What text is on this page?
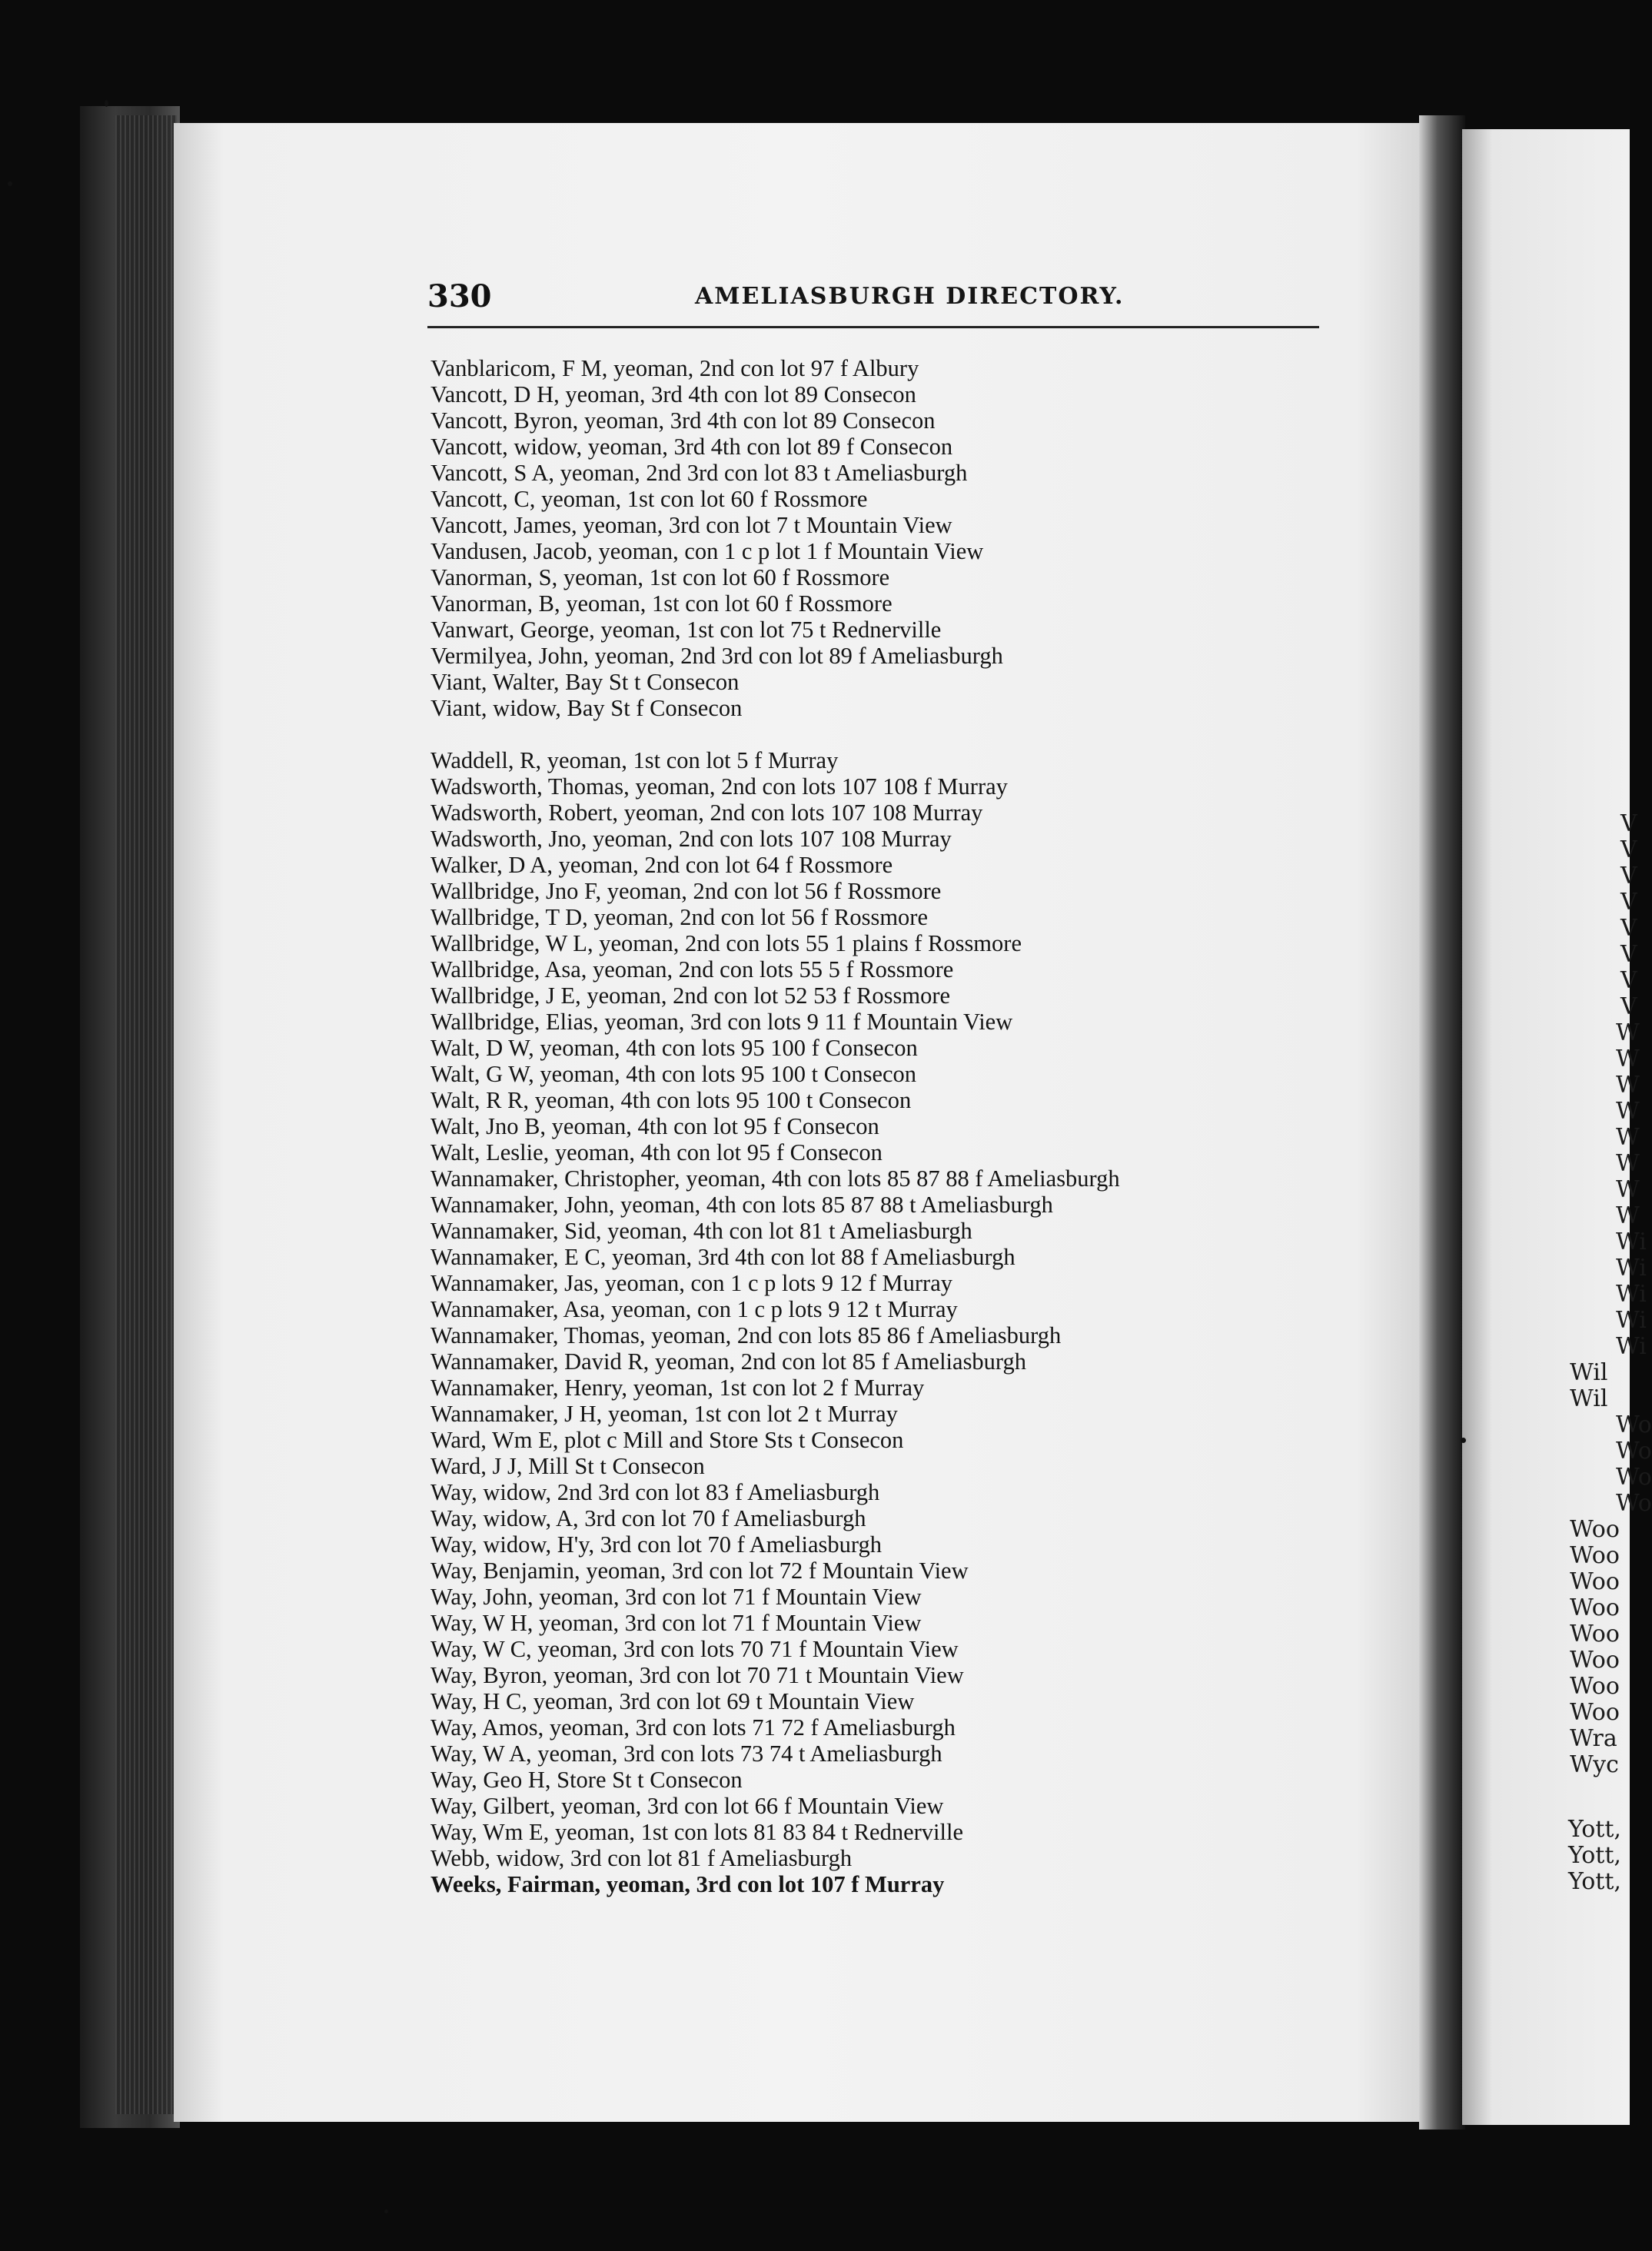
V
V
V
V
V
V
V
V
W
W
W
W
W
W
W
W
Wi
Wi
Wi
Wi
Wi
Wil
Wil
Wo
Wo
Wo
Wo
Woo
Woo
Woo
Woo
Woo
Woo
Woo
Woo
Wra
Wyc
Yott,
Yott,
Yott,
330	AMELIASBURGH DIRECTORY.
Vanblaricom, F M, yeoman, 2nd con lot 97 f Albury
Vancott, D H, yeoman, 3rd 4th con lot 89 Consecon
Vancott, Byron, yeoman, 3rd 4th con lot 89 Consecon
Vancott, widow, yeoman, 3rd 4th con lot 89 f Consecon
Vancott, S A, yeoman, 2nd 3rd con lot 83 t Ameliasburgh
Vancott, C, yeoman, 1st con lot 60 f Rossmore
Vancott, James, yeoman, 3rd con lot 7 t Mountain View
Vandusen, Jacob, yeoman, con 1 c p lot 1 f Mountain View
Vanorman, S, yeoman, 1st con lot 60 f Rossmore
Vanorman, B, yeoman, 1st con lot 60 f Rossmore
Vanwart, George, yeoman, 1st con lot 75 t Rednerville
Vermilyea, John, yeoman, 2nd 3rd con lot 89 f Ameliasburgh
Viant, Walter, Bay St t Consecon
Viant, widow, Bay St f Consecon
Waddell, R, yeoman, 1st con lot 5 f Murray
Wadsworth, Thomas, yeoman, 2nd con lots 107 108 f Murray
Wadsworth, Robert, yeoman, 2nd con lots 107 108 Murray
Wadsworth, Jno, yeoman, 2nd con lots 107 108 Murray
Walker, D A, yeoman, 2nd con lot 64 f Rossmore
Wallbridge, Jno F, yeoman, 2nd con lot 56 f Rossmore
Wallbridge, T D, yeoman, 2nd con lot 56 f Rossmore
Wallbridge, W L, yeoman, 2nd con lots 55 1 plains f Rossmore
Wallbridge, Asa, yeoman, 2nd con lots 55 5 f Rossmore
Wallbridge, J E, yeoman, 2nd con lot 52 53 f Rossmore
Wallbridge, Elias, yeoman, 3rd con lots 9 11 f Mountain View
Walt, D W, yeoman, 4th con lots 95 100 f Consecon
Walt, G W, yeoman, 4th con lots 95 100 t Consecon
Walt, R R, yeoman, 4th con lots 95 100 t Consecon
Walt, Jno B, yeoman, 4th con lot 95 f Consecon
Walt, Leslie, yeoman, 4th con lot 95 f Consecon
Wannamaker, Christopher, yeoman, 4th con lots 85 87 88 f Ameliasburgh
Wannamaker, John, yeoman, 4th con lots 85 87 88 t Ameliasburgh
Wannamaker, Sid, yeoman, 4th con lot 81 t Ameliasburgh
Wannamaker, E C, yeoman, 3rd 4th con lot 88 f Ameliasburgh
Wannamaker, Jas, yeoman, con 1 c p lots 9 12 f Murray
Wannamaker, Asa, yeoman, con 1 c p lots 9 12 t Murray
Wannamaker, Thomas, yeoman, 2nd con lots 85 86 f Ameliasburgh
Wannamaker, David R, yeoman, 2nd con lot 85 f Ameliasburgh
Wannamaker, Henry, yeoman, 1st con lot 2 f Murray
Wannamaker, J H, yeoman, 1st con lot 2 t Murray
Ward, Wm E, plot c Mill and Store Sts t Consecon
Ward, J J, Mill St t Consecon
Way, widow, 2nd 3rd con lot 83 f Ameliasburgh
Way, widow, A, 3rd con lot 70 f Ameliasburgh
Way, widow, H'y, 3rd con lot 70 f Ameliasburgh
Way, Benjamin, yeoman, 3rd con lot 72 f Mountain View
Way, John, yeoman, 3rd con lot 71 f Mountain View
Way, W H, yeoman, 3rd con lot 71 f Mountain View
Way, W C, yeoman, 3rd con lots 70 71 f Mountain View
Way, Byron, yeoman, 3rd con lot 70 71 t Mountain View
Way, H C, yeoman, 3rd con lot 69 t Mountain View
Way, Amos, yeoman, 3rd con lots 71 72 f Ameliasburgh
Way, W A, yeoman, 3rd con lots 73 74 t Ameliasburgh
Way, Geo H, Store St t Consecon
Way, Gilbert, yeoman, 3rd con lot 66 f Mountain View
Way, Wm E, yeoman, 1st con lots 81 83 84 t Rednerville
Webb, widow, 3rd con lot 81 f Ameliasburgh
Weeks, Fairman, yeoman, 3rd con lot 107 f Murray
